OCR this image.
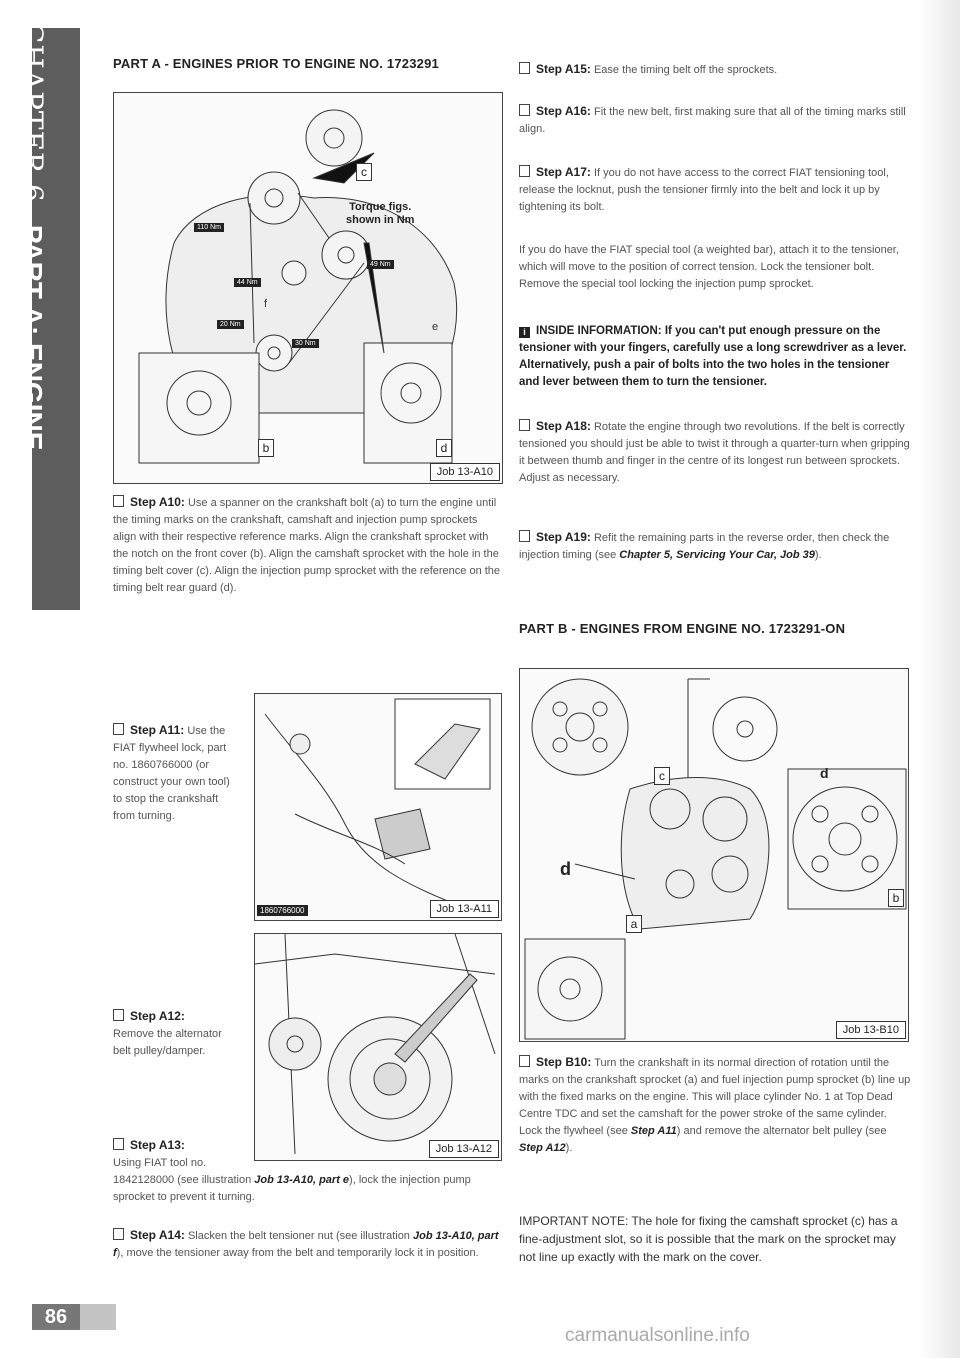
CHAPTER 6PART A: ENGINE
86
PART A - ENGINES PRIOR TO ENGINE NO. 1723291
Torque figs.
shown in Nm
110 Nm
44 Nm
49 Nm
20 Nm
30 Nm
f
e
c
b	d
Job 13-A10
Step A10: Use a spanner on the crankshaft bolt (a) to turn the engine until the timing marks on the crankshaft, camshaft and injection pump sprockets align with their respective reference marks. Align the crankshaft sprocket with the notch on the front cover (b). Align the camshaft sprocket with the hole in the timing belt cover (c). Align the injection pump sprocket with the reference on the timing belt rear guard (d).
Step A11: Use the FIAT flywheel lock, part no. 1860766000 (or construct your own tool) to stop the crankshaft from turning.
1860766000	Job 13-A11
Step A12:
Remove the alternator belt pulley/damper.
Job 13-A12
Step A13:
Using FIAT tool no.
1842128000 (see illustration Job 13-A10, part e), lock the injection pump sprocket to prevent it turning.
Step A14: Slacken the belt tensioner nut (see illustration Job 13-A10, part f), move the tensioner away from the belt and temporarily lock it in position.
Step A15: Ease the timing belt off the sprockets.
Step A16: Fit the new belt, first making sure that all of the timing marks still align.
Step A17: If you do not have access to the correct FIAT tensioning tool, release the locknut, push the tensioner firmly into the belt and lock it up by tightening its bolt.
If you do have the FIAT special tool (a weighted bar), attach it to the tensioner, which will move to the position of correct tension. Lock the tensioner bolt. Remove the special tool locking the injection pump sprocket.
i INSIDE INFORMATION: If you can't put enough pressure on the tensioner with your fingers, carefully use a long screwdriver as a lever. Alternatively, push a pair of bolts into the two holes in the tensioner and lever between them to turn the tensioner.
Step A18: Rotate the engine through two revolutions. If the belt is correctly tensioned you should just be able to twist it through a quarter-turn when gripping it between thumb and finger in the centre of its longest run between sprockets. Adjust as necessary.
Step A19: Refit the remaining parts in the reverse order, then check the injection timing (see Chapter 5, Servicing Your Car, Job 39).
PART B - ENGINES FROM ENGINE NO. 1723291-ON
d
d
c
a
b
Job 13-B10
Step B10: Turn the crankshaft in its normal direction of rotation until the marks on the crankshaft sprocket (a) and fuel injection pump sprocket (b) line up with the fixed marks on the engine. This will place cylinder No. 1 at Top Dead Centre TDC and set the camshaft for the power stroke of the same cylinder. Lock the flywheel (see Step A11) and remove the alternator belt pulley (see Step A12).
IMPORTANT NOTE: The hole for fixing the camshaft sprocket (c) has a fine-adjustment slot, so it is possible that the mark on the sprocket may not line up exactly with the mark on the cover.
carmanualsonline.info
